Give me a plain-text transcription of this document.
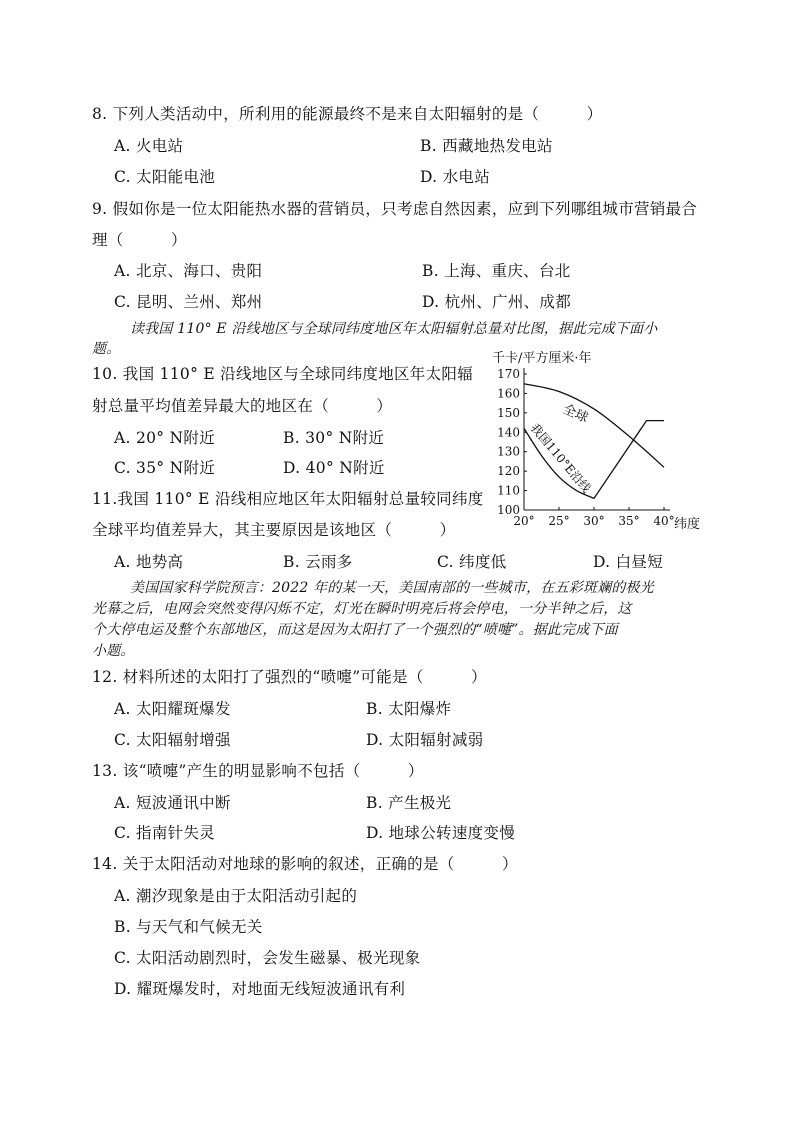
8. 下列人类活动中，所利用的能源最终不是来自太阳辐射的是（　　　）
A. 火电站	B. 西藏地热发电站
C. 太阳能电池	D. 水电站
9. 假如你是一位太阳能热水器的营销员，只考虑自然因素，应到下列哪组城市营销最合
理（　　　）
A. 北京、海口、贵阳	B. 上海、重庆、台北
C. 昆明、兰州、郑州	D. 杭州、广州、成都
读我国 110° E 沿线地区与全球同纬度地区年太阳辐射总量对比图，据此完成下面小
题。
10. 我国 110° E 沿线地区与全球同纬度地区年太阳辐
射总量平均值差异最大的地区在（　　　）
A. 20° N附近	B. 30° N附近
C. 35° N附近	D. 40° N附近
11.我国 110° E 沿线相应地区年太阳辐射总量较同纬度
全球平均值差异大，其主要原因是该地区（　　　）
A. 地势高	B. 云雨多	C. 纬度低	D. 白昼短
千卡/平方厘米·年
100
110
120
130
140
150
160
170
20° 25° 30° 35° 40° 纬度
全球
我国110°E沿线
美国国家科学院预言：2022 年的某一天，美国南部的一些城市，在五彩斑斓的极光
光幕之后，电网会突然变得闪烁不定，灯光在瞬时明亮后将会停电，一分半钟之后，这
个大停电运及整个东部地区，而这是因为太阳打了一个强烈的“喷嚏”。据此完成下面
小题。
12. 材料所述的太阳打了强烈的“喷嚏”可能是（　　　）
A. 太阳耀斑爆发	B. 太阳爆炸
C. 太阳辐射增强	D. 太阳辐射减弱
13. 该“喷嚏”产生的明显影响不包括（　　　）
A. 短波通讯中断	B. 产生极光
C. 指南针失灵	D. 地球公转速度变慢
14. 关于太阳活动对地球的影响的叙述，正确的是（　　　）
A. 潮汐现象是由于太阳活动引起的
B. 与天气和气候无关
C. 太阳活动剧烈时，会发生磁暴、极光现象
D. 耀斑爆发时，对地面无线短波通讯有利
